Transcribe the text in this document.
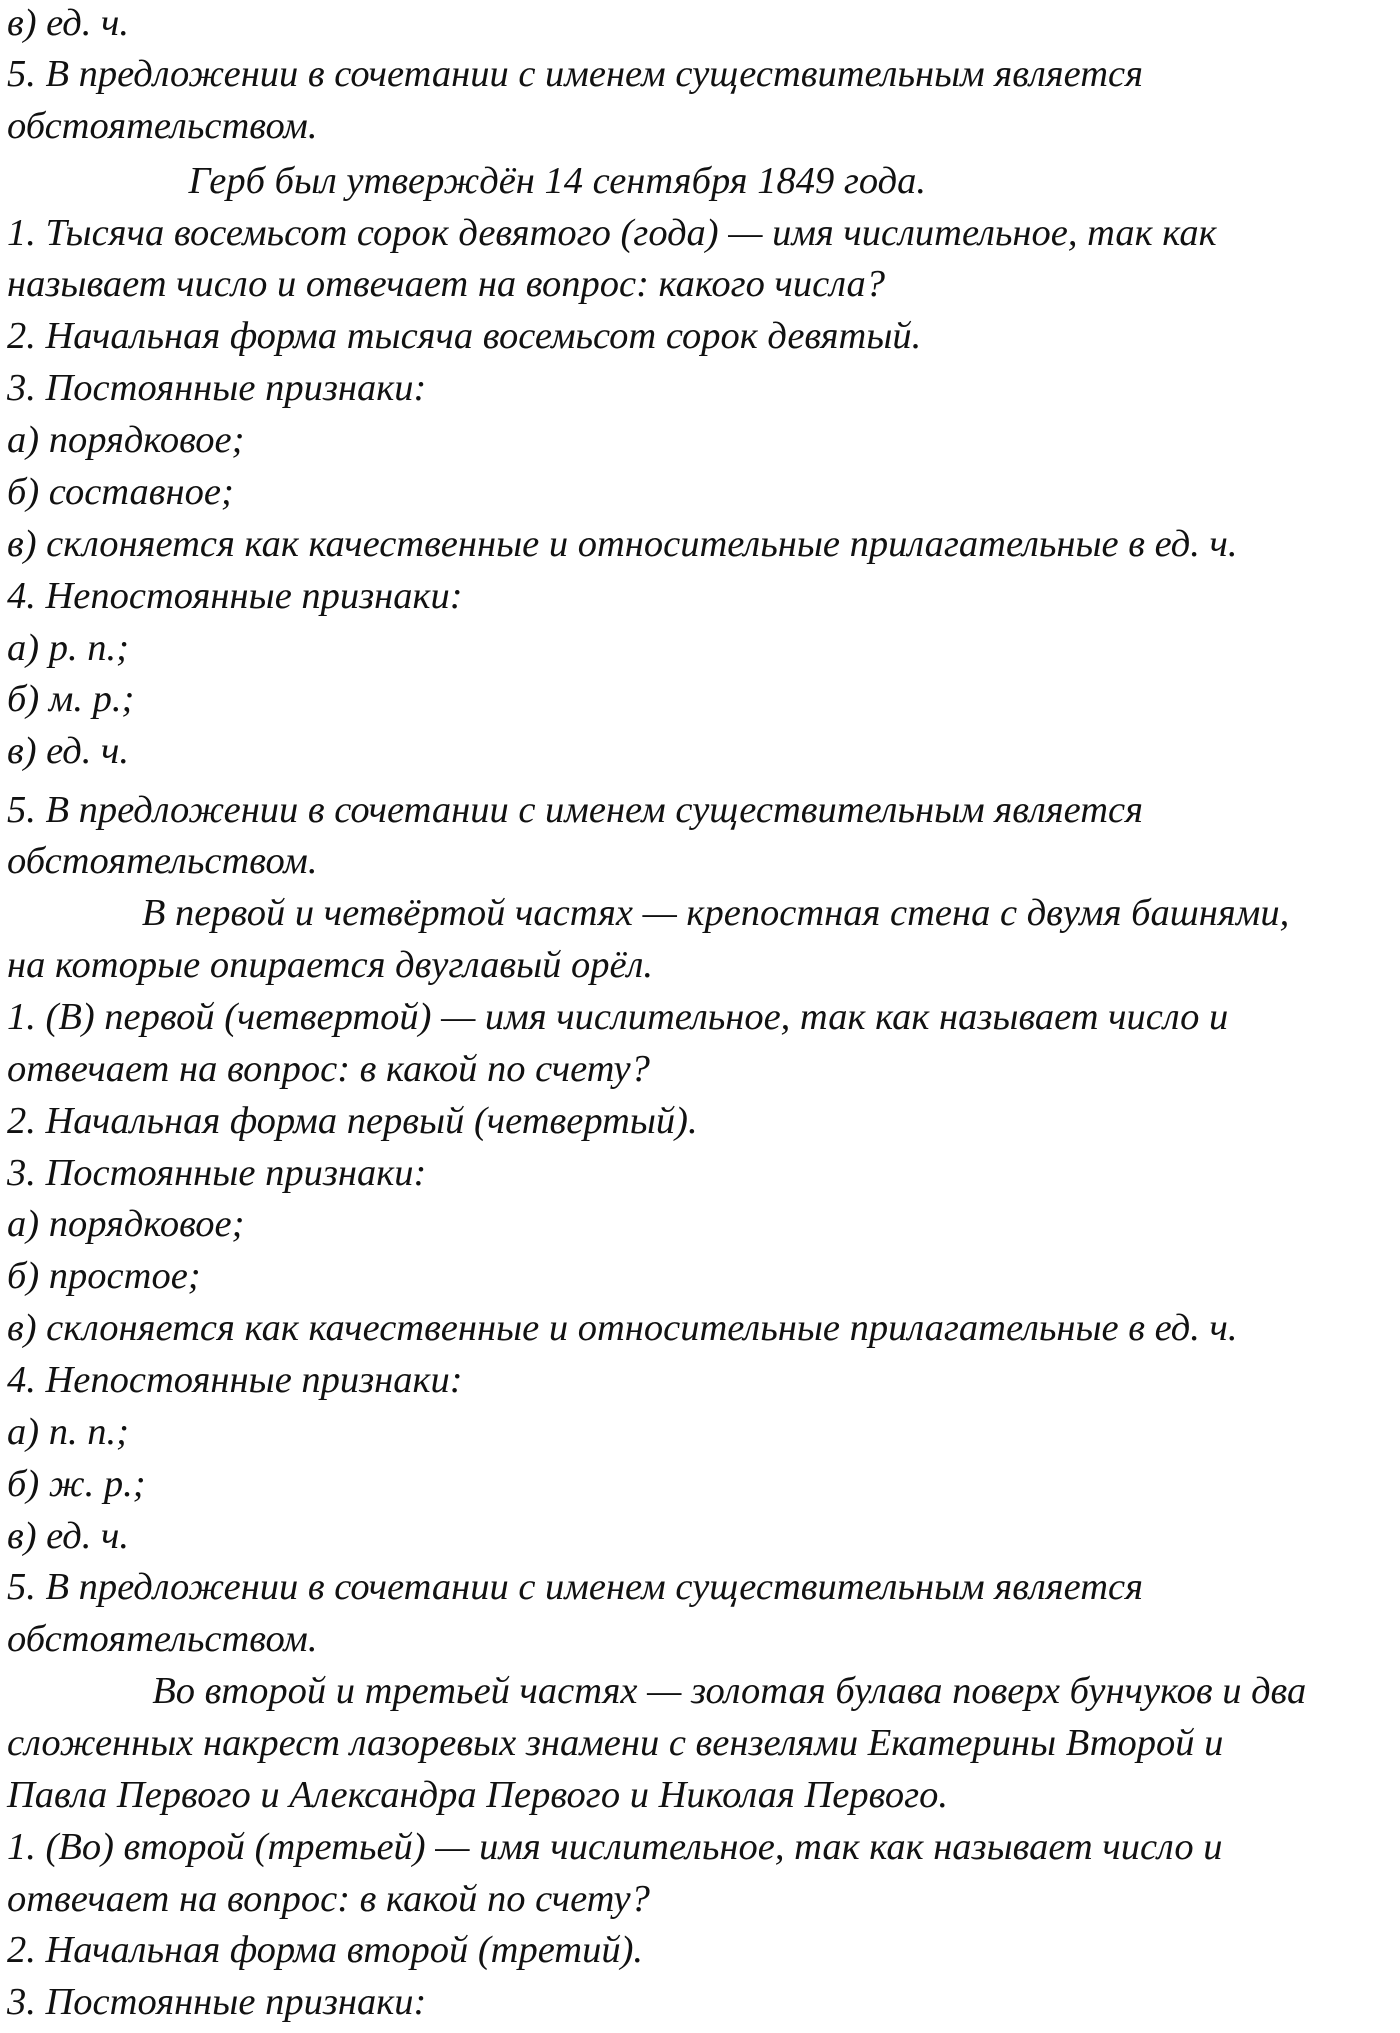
в) ед. ч.
5. В предложении в сочетании с именем существительным является
обстоятельством.
Герб был утверждён 14 сентября 1849 года.
1. Тысяча восемьсот сорок девятого (года) — имя числительное, так как
называет число и отвечает на вопрос: какого числа?
2. Начальная форма тысяча восемьсот сорок девятый.
3. Постоянные признаки:
а) порядковое;
б) составное;
в) склоняется как качественные и относительные прилагательные в ед. ч.
4. Непостоянные признаки:
а) р. п.;
б) м. р.;
в) ед. ч.
5. В предложении в сочетании с именем существительным является
обстоятельством.
В первой и четвёртой частях — крепостная стена с двумя башнями,
на которые опирается двуглавый орёл.
1. (В) первой (четвертой) — имя числительное, так как называет число и
отвечает на вопрос: в какой по счету?
2. Начальная форма первый (четвертый).
3. Постоянные признаки:
а) порядковое;
б) простое;
в) склоняется как качественные и относительные прилагательные в ед. ч.
4. Непостоянные признаки:
а) п. п.;
б) ж. р.;
в) ед. ч.
5. В предложении в сочетании с именем существительным является
обстоятельством.
Во второй и третьей частях — золотая булава поверх бунчуков и два
сложенных накрест лазоревых знамени с вензелями Екатерины Второй и
Павла Первого и Александра Первого и Николая Первого.
1. (Во) второй (третьей) — имя числительное, так как называет число и
отвечает на вопрос: в какой по счету?
2. Начальная форма второй (третий).
3. Постоянные признаки:
